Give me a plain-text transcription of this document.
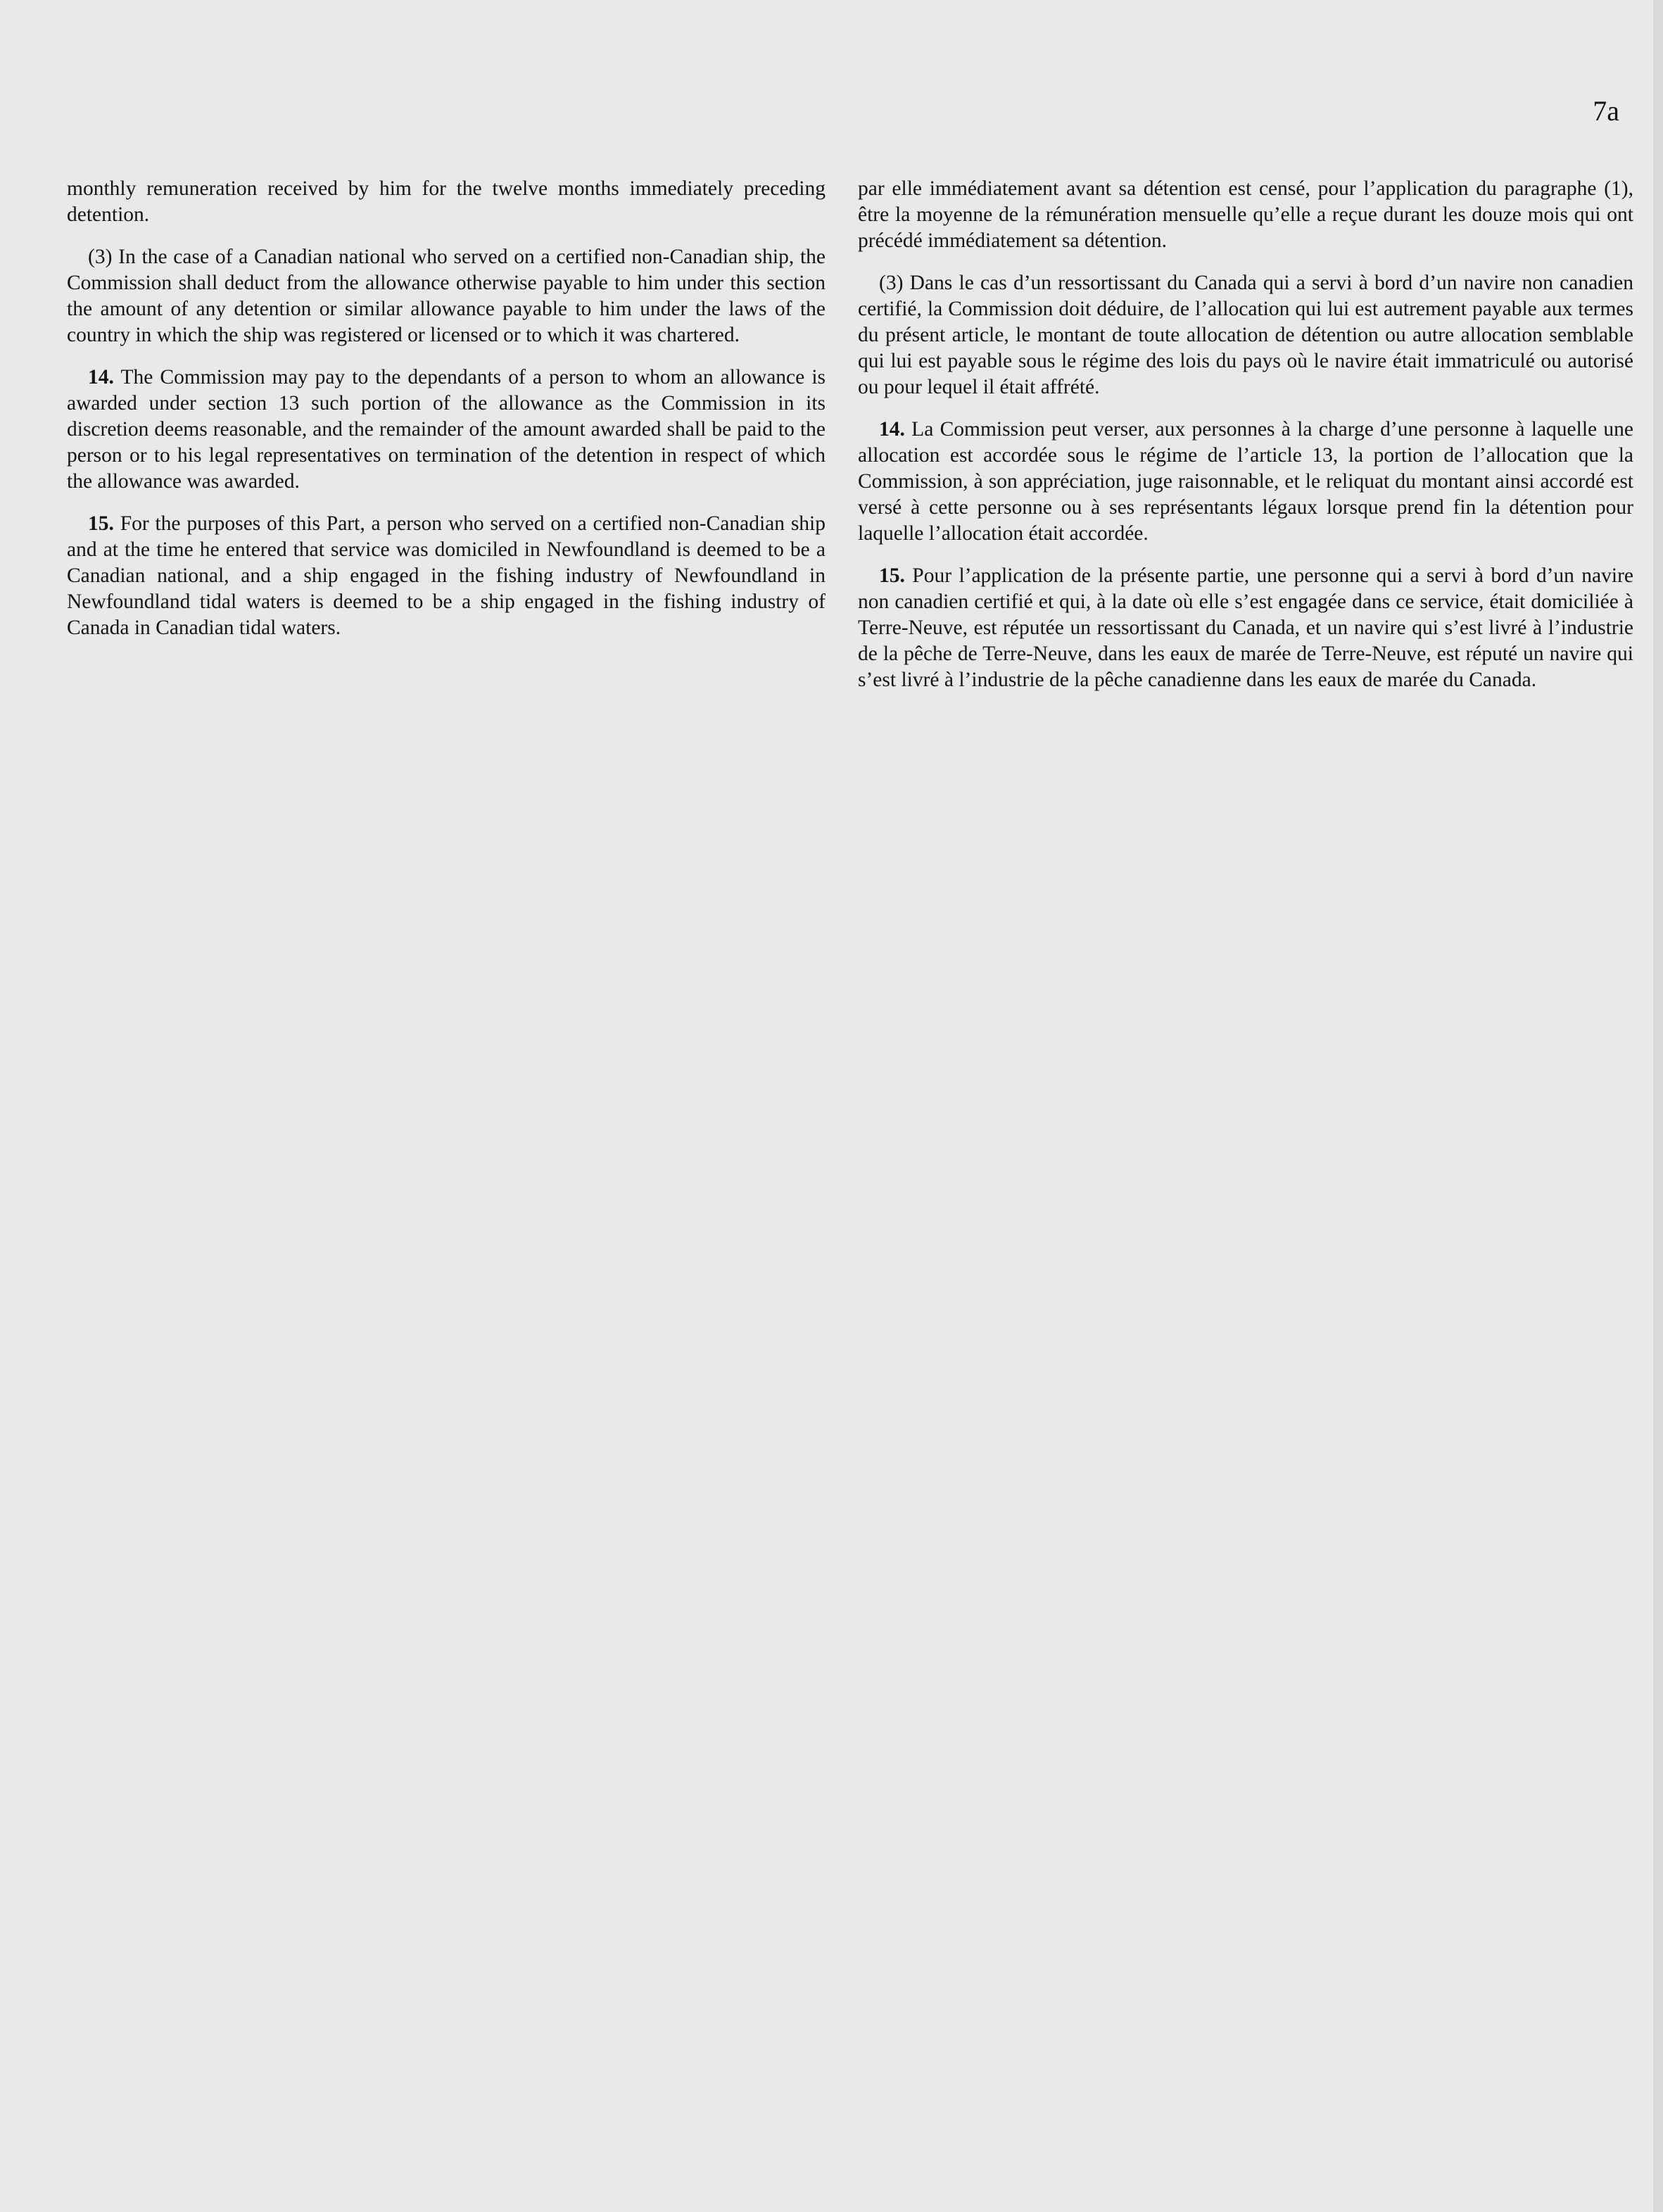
7a

monthly remuneration received by him for the twelve months immediately preceding detention.

(3) In the case of a Canadian national who served on a certified non-Canadian ship, the Commission shall deduct from the allowance otherwise payable to him under this section the amount of any detention or similar allowance payable to him under the laws of the country in which the ship was registered or licensed or to which it was chartered.

14. The Commission may pay to the dependants of a person to whom an allowance is awarded under section 13 such portion of the allowance as the Commission in its discretion deems reasonable, and the remainder of the amount awarded shall be paid to the person or to his legal representatives on termination of the detention in respect of which the allowance was awarded.

15. For the purposes of this Part, a person who served on a certified non-Canadian ship and at the time he entered that service was domiciled in Newfoundland is deemed to be a Canadian national, and a ship engaged in the fishing industry of Newfoundland in Newfoundland tidal waters is deemed to be a ship engaged in the fishing industry of Canada in Canadian tidal waters.

par elle immédiatement avant sa détention est censé, pour l’application du paragraphe (1), être la moyenne de la rémunération mensuelle qu’elle a reçue durant les douze mois qui ont précédé immédiatement sa détention.

(3) Dans le cas d’un ressortissant du Canada qui a servi à bord d’un navire non canadien certifié, la Commission doit déduire, de l’allocation qui lui est autrement payable aux termes du présent article, le montant de toute allocation de détention ou autre allocation semblable qui lui est payable sous le régime des lois du pays où le navire était immatriculé ou autorisé ou pour lequel il était affrété.

14. La Commission peut verser, aux personnes à la charge d’une personne à laquelle une allocation est accordée sous le régime de l’article 13, la portion de l’allocation que la Commission, à son appréciation, juge raisonnable, et le reliquat du montant ainsi accordé est versé à cette personne ou à ses représentants légaux lorsque prend fin la détention pour laquelle l’allocation était accordée.

15. Pour l’application de la présente partie, une personne qui a servi à bord d’un navire non canadien certifié et qui, à la date où elle s’est engagée dans ce service, était domiciliée à Terre-Neuve, est réputée un ressortissant du Canada, et un navire qui s’est livré à l’industrie de la pêche de Terre-Neuve, dans les eaux de marée de Terre-Neuve, est réputé un navire qui s’est livré à l’industrie de la pêche canadienne dans les eaux de marée du Canada.
